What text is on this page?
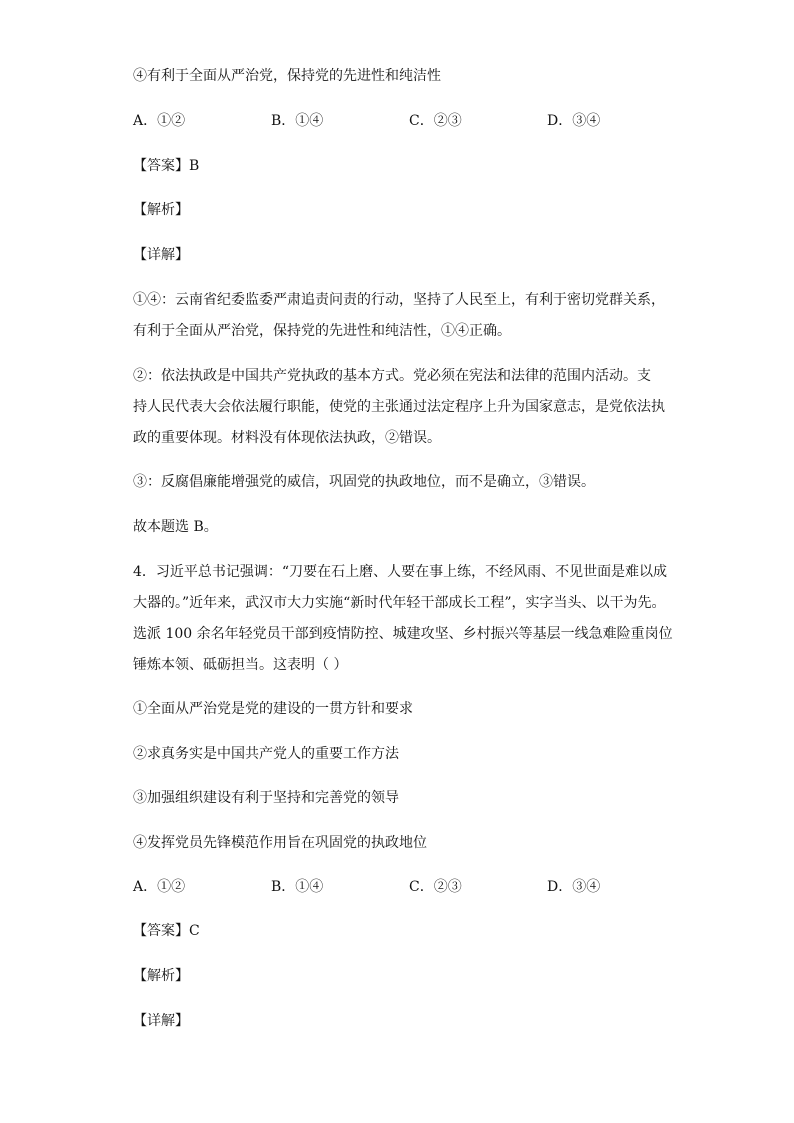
④有利于全面从严治党，保持党的先进性和纯洁性
A．①②	B．①④	C．②③	D．③④
【答案】B
【解析】
【详解】
①④：云南省纪委监委严肃追责问责的行动，坚持了人民至上，有利于密切党群关系，
有利于全面从严治党，保持党的先进性和纯洁性，①④正确。
②：依法执政是中国共产党执政的基本方式。党必须在宪法和法律的范围内活动。支
持人民代表大会依法履行职能，使党的主张通过法定程序上升为国家意志，是党依法执
政的重要体现。材料没有体现依法执政，②错误。
③：反腐倡廉能增强党的威信，巩固党的执政地位，而不是确立，③错误。
故本题选 B。
4．习近平总书记强调：“刀要在石上磨、人要在事上练，不经风雨、不见世面是难以成
大器的。”近年来，武汉市大力实施“新时代年轻干部成长工程”，实字当头、以干为先。
选派 100 余名年轻党员干部到疫情防控、城建攻坚、乡村振兴等基层一线急难险重岗位
锤炼本领、砥砺担当。这表明（ ）
①全面从严治党是党的建设的一贯方针和要求
②求真务实是中国共产党人的重要工作方法
③加强组织建设有利于坚持和完善党的领导
④发挥党员先锋模范作用旨在巩固党的执政地位
A．①②	B．①④	C．②③	D．③④
【答案】C
【解析】
【详解】
